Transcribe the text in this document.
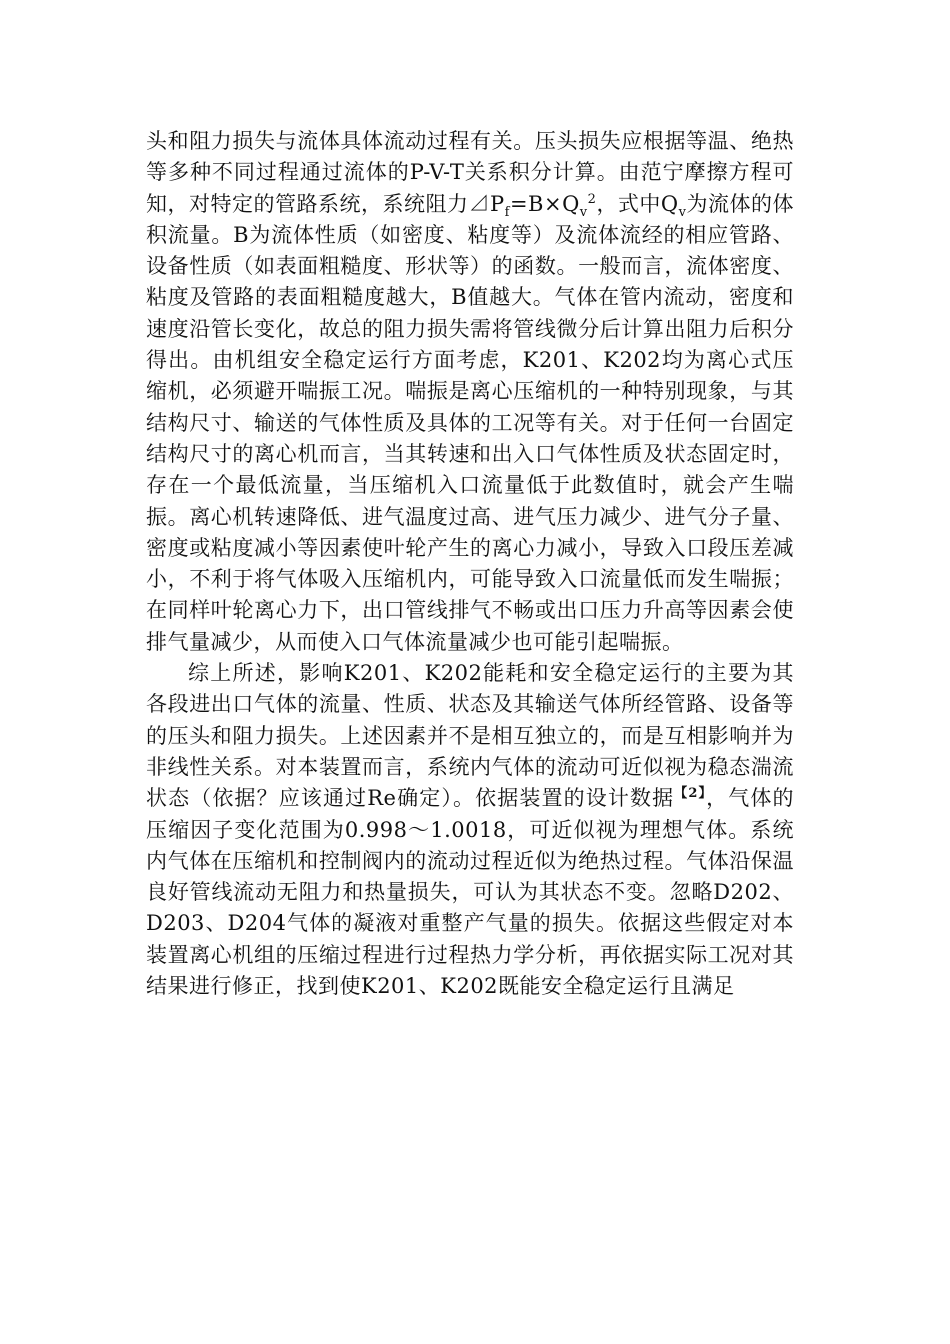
头和阻力损失与流体具体流动过程有关。压头损失应根据等温、绝热等多种不同过程通过流体的P-V-T关系积分计算。由范宁摩擦方程可知，对特定的管路系统，系统阻力$⊿P_f=B\times Q_v^2$，式中$Q_v$为流体的体积流量。B为流体性质（如密度、粘度等）及流体流经的相应管路、设备性质（如表面粗糙度、形状等）的函数。一般而言，流体密度、粘度及管路的表面粗糙度越大，B值越大。气体在管内流动，密度和速度沿管长变化，故总的阻力损失需将管线微分后计算出阻力后积分得出。由机组安全稳定运行方面考虑，K201、K202均为离心式压缩机，必须避开喘振工况。喘振是离心压缩机的一种特别现象，与其结构尺寸、输送的气体性质及具体的工况等有关。对于任何一台固定结构尺寸的离心机而言，当其转速和出入口气体性质及状态固定时，存在一个最低流量，当压缩机入口流量低于此数值时，就会产生喘振。离心机转速降低、进气温度过高、进气压力减少、进气分子量、密度或粘度减小等因素使叶轮产生的离心力减小，导致入口段压差减小，不利于将气体吸入压缩机内，可能导致入口流量低而发生喘振；在同样叶轮离心力下，出口管线排气不畅或出口压力升高等因素会使排气量减少，从而使入口气体流量减少也可能引起喘振。

综上所述，影响K201、K202能耗和安全稳定运行的主要为其各段进出口气体的流量、性质、状态及其输送气体所经管路、设备等的压头和阻力损失。上述因素并不是相互独立的，而是互相影响并为非线性关系。对本装置而言，系统内气体的流动可近似视为稳态湍流状态（依据？应该通过Re确定）。依据装置的设计数据$^{【2】}$，气体的压缩因子变化范围为0.998～1.0018，可近似视为理想气体。系统内气体在压缩机和控制阀内的流动过程近似为绝热过程。气体沿保温良好管线流动无阻力和热量损失，可认为其状态不变。忽略D202、D203、D204气体的凝液对重整产气量的损失。依据这些假定对本装置离心机组的压缩过程进行过程热力学分析，再依据实际工况对其结果进行修正，找到使K201、K202既能安全稳定运行且满足
